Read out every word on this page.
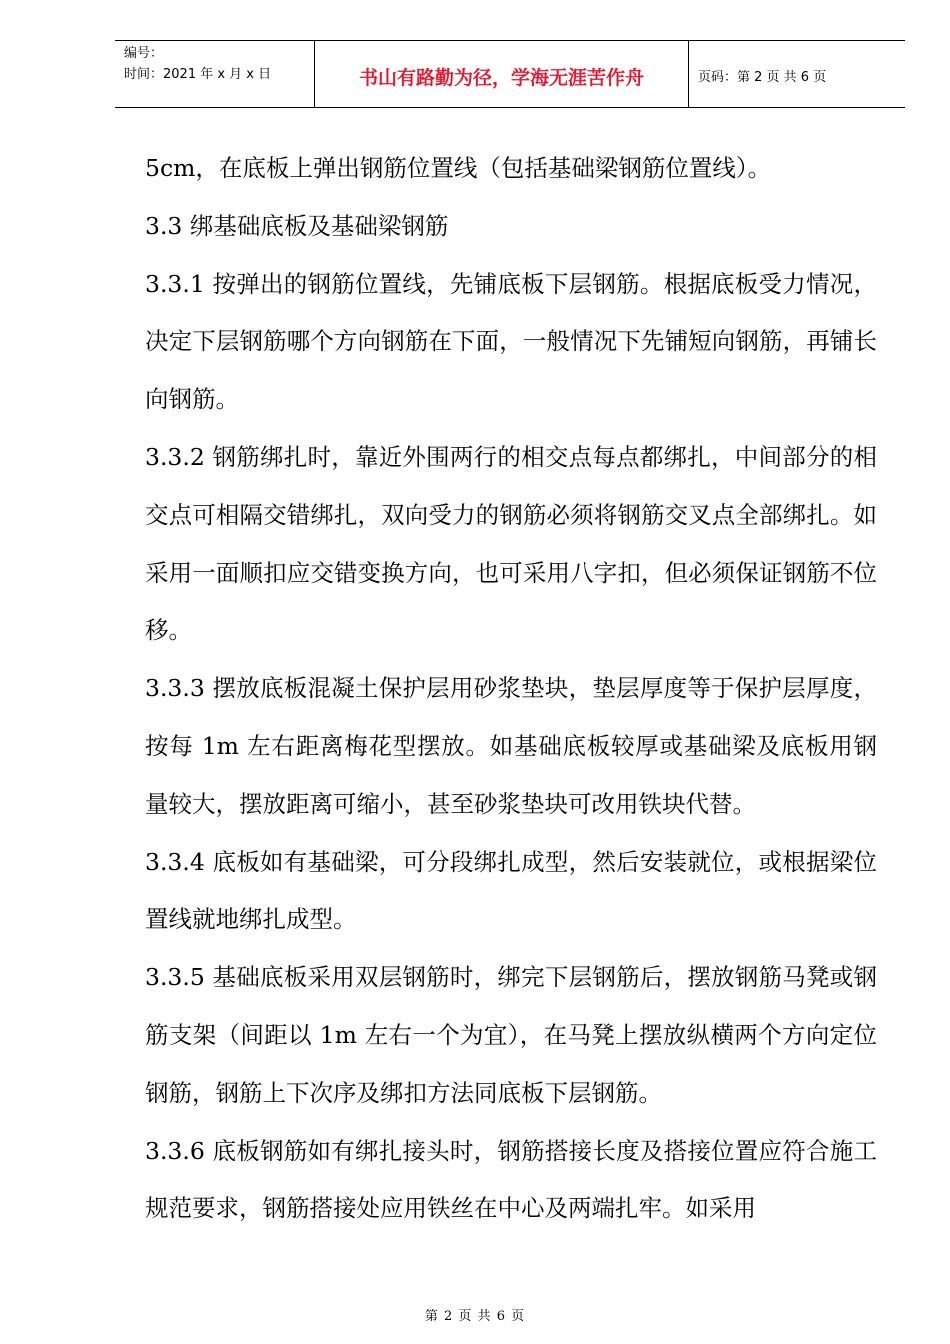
编号：
时间：2021 年 x 月 x 日	书山有路勤为径，学海无涯苦作舟	页码：第 2 页 共 6 页

5cm，在底板上弹出钢筋位置线（包括基础梁钢筋位置线）。

3.3 绑基础底板及基础梁钢筋

3.3.1 按弹出的钢筋位置线，先铺底板下层钢筋。根据底板受力情况，决定下层钢筋哪个方向钢筋在下面，一般情况下先铺短向钢筋，再铺长向钢筋。

3.3.2 钢筋绑扎时，靠近外围两行的相交点每点都绑扎，中间部分的相交点可相隔交错绑扎，双向受力的钢筋必须将钢筋交叉点全部绑扎。如采用一面顺扣应交错变换方向，也可采用八字扣，但必须保证钢筋不位移。

3.3.3 摆放底板混凝土保护层用砂浆垫块，垫层厚度等于保护层厚度，按每 1m 左右距离梅花型摆放。如基础底板较厚或基础梁及底板用钢量较大，摆放距离可缩小，甚至砂浆垫块可改用铁块代替。

3.3.4 底板如有基础梁，可分段绑扎成型，然后安装就位，或根据梁位置线就地绑扎成型。

3.3.5 基础底板采用双层钢筋时，绑完下层钢筋后，摆放钢筋马凳或钢筋支架（间距以 1m 左右一个为宜），在马凳上摆放纵横两个方向定位钢筋，钢筋上下次序及绑扣方法同底板下层钢筋。

3.3.6 底板钢筋如有绑扎接头时，钢筋搭接长度及搭接位置应符合施工规范要求，钢筋搭接处应用铁丝在中心及两端扎牢。如采用

第 2 页 共 6 页
